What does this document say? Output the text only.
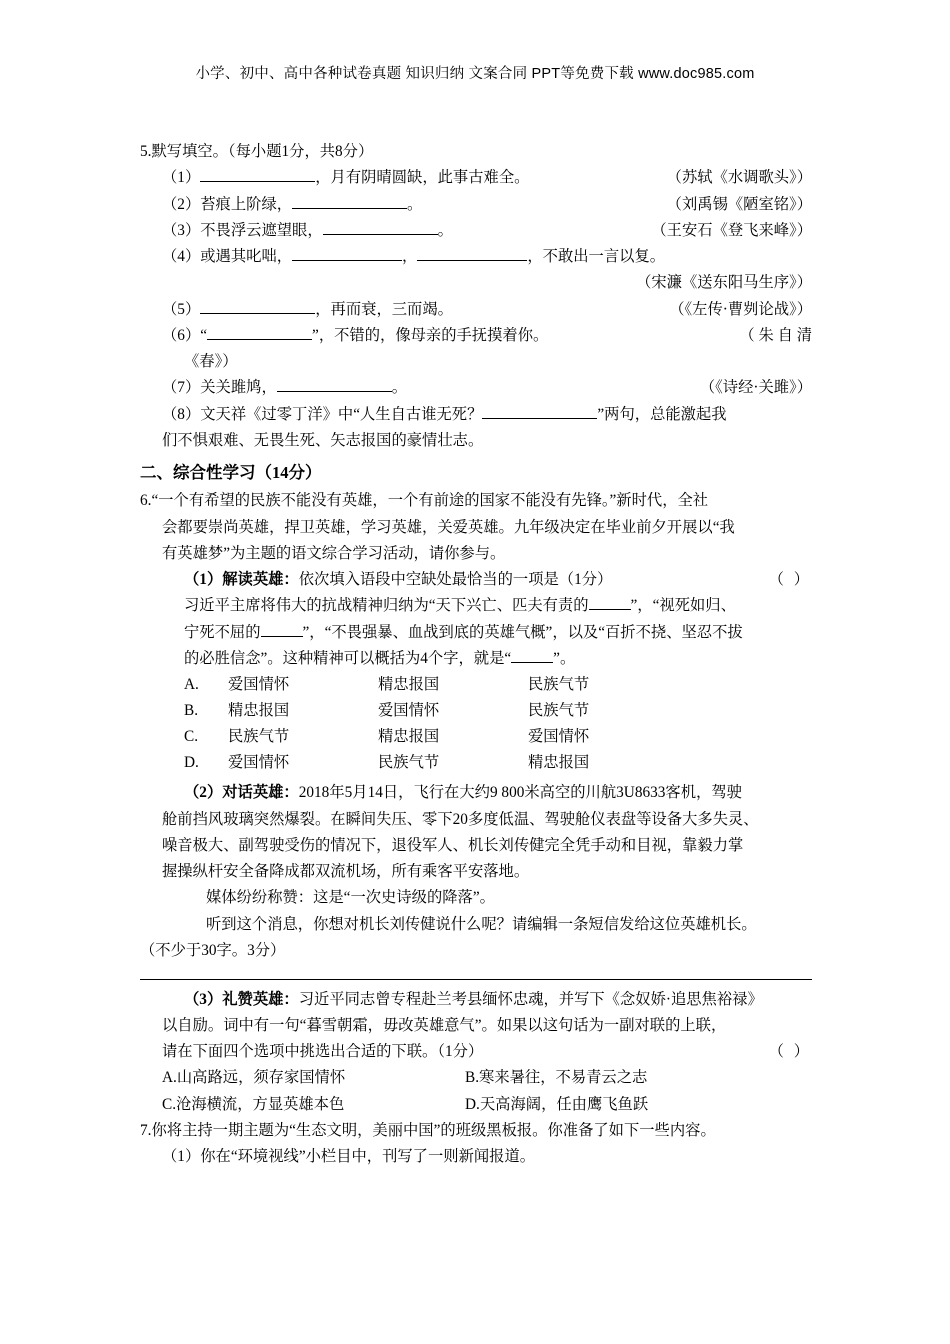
小学、初中、高中各种试卷真题 知识归纳 文案合同 PPT等免费下载 www.doc985.com

5.默写填空。（每小题1分，共8分）

（1）	，月有阴晴圆缺，此事古难全。	（苏轼《水调歌头》）
（2）苔痕上阶绿，	。	（刘禹锡《陋室铭》）
（3）不畏浮云遮望眼，	。	（王安石《登飞来峰》）
（4）或遇其叱咄，	，	，不敢出一言以复。
（宋濂《送东阳马生序》）

（5）	，再而衰，三而竭。	（《左传·曹刿论战》）
（6）“	”，不错的，像母亲的手抚摸着你。	（ 朱 自 清
《春》）
（7）关关雎鸠，	。	（《诗经·关雎》）
（8）文天祥《过零丁洋》中“人生自古谁无死？	”两句，总能激起我
们不惧艰难、无畏生死、矢志报国的豪情壮志。

二、综合性学习（14分）

6.“一个有希望的民族不能没有英雄，一个有前途的国家不能没有先锋。”新时代，全社

会都要崇尚英雄，捍卫英雄，学习英雄，关爱英雄。九年级决定在毕业前夕开展以“我

有英雄梦”为主题的语文综合学习活动，请你参与。

（1）解读英雄：依次填入语段中空缺处最恰当的一项是（1分）	（ ）
习近平主席将伟大的抗战精神归纳为“天下兴亡、匹夫有责的	”，“视死如归、
宁死不屈的	”，“不畏强暴、血战到底的英雄气概”，以及“百折不挠、坚忍不拔
的必胜信念”。这种精神可以概括为4个字，就是“	”。
A.	爱国情怀	精忠报国	民族气节
B.	精忠报国	爱国情怀	民族气节
C.	民族气节	精忠报国	爱国情怀
D.	爱国情怀	民族气节	精忠报国
（2）对话英雄：2018年5月14日，飞行在大约9 800米高空的川航3U8633客机，驾驶

舱前挡风玻璃突然爆裂。在瞬间失压、零下20多度低温、驾驶舱仪表盘等设备大多失灵、

噪音极大、副驾驶受伤的情况下，退役军人、机长刘传健完全凭手动和目视，靠毅力掌

握操纵杆安全备降成都双流机场，所有乘客平安落地。

媒体纷纷称赞：这是“一次史诗级的降落”。

听到这个消息，你想对机长刘传健说什么呢？请编辑一条短信发给这位英雄机长。

（不少于30字。3分）

（3）礼赞英雄：习近平同志曾专程赴兰考县缅怀忠魂，并写下《念奴娇·追思焦裕禄》

以自励。词中有一句“暮雪朝霜，毋改英雄意气”。如果以这句话为一副对联的上联，

请在下面四个选项中挑选出合适的下联。（1分）	（ ）
A.山高路远，须存家国情怀	B.寒来暑往，不易青云之志
C.沧海横流，方显英雄本色	D.天高海阔，任由鹰飞鱼跃

7.你将主持一期主题为“生态文明，美丽中国”的班级黑板报。你准备了如下一些内容。

（1）你在“环境视线”小栏目中，刊写了一则新闻报道。
